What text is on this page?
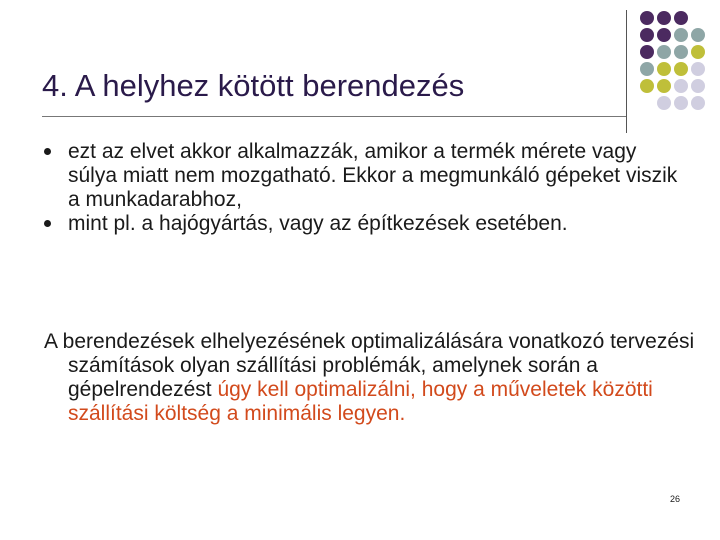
4. A helyhez kötött berendezés
ezt az elvet akkor alkalmazzák, amikor a termék mérete vagy súlya miatt nem mozgatható. Ekkor a megmunkáló gépeket viszik a munkadarabhoz,
mint pl. a hajógyártás, vagy az építkezések esetében.

A berendezések elhelyezésének optimalizálására vonatkozó tervezési számítások olyan szállítási problémák, amelynek során a gépelrendezést úgy kell optimalizálni, hogy a műveletek közötti szállítási költség a minimális legyen.

26
